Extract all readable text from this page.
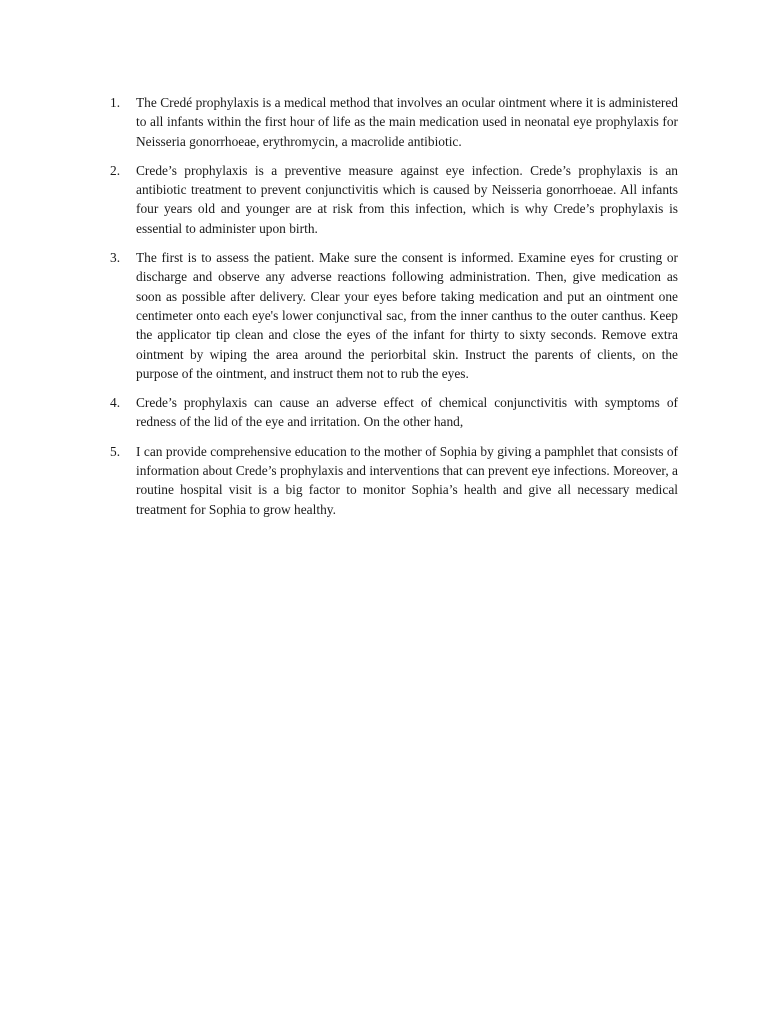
1.	The Credé prophylaxis is a medical method that involves an ocular ointment where it is administered to all infants within the first hour of life as the main medication used in neonatal eye prophylaxis for Neisseria gonorrhoeae, erythromycin, a macrolide antibiotic.
2.	Crede’s prophylaxis is a preventive measure against eye infection. Crede’s prophylaxis is an antibiotic treatment to prevent conjunctivitis which is caused by Neisseria gonorrhoeae. All infants four years old and younger are at risk from this infection, which is why Crede’s prophylaxis is essential to administer upon birth.
3.	The first is to assess the patient. Make sure the consent is informed. Examine eyes for crusting or discharge and observe any adverse reactions following administration. Then, give medication as soon as possible after delivery. Clear your eyes before taking medication and put an ointment one centimeter onto each eye's lower conjunctival sac, from the inner canthus to the outer canthus. Keep the applicator tip clean and close the eyes of the infant for thirty to sixty seconds. Remove extra ointment by wiping the area around the periorbital skin. Instruct the parents of clients, on the purpose of the ointment, and instruct them not to rub the eyes.
4.	Crede’s prophylaxis can cause an adverse effect of chemical conjunctivitis with symptoms of redness of the lid of the eye and irritation. On the other hand,
5.	I can provide comprehensive education to the mother of Sophia by giving a pamphlet that consists of information about Crede’s prophylaxis and interventions that can prevent eye infections. Moreover, a routine hospital visit is a big factor to monitor Sophia’s health and give all necessary medical treatment for Sophia to grow healthy.
